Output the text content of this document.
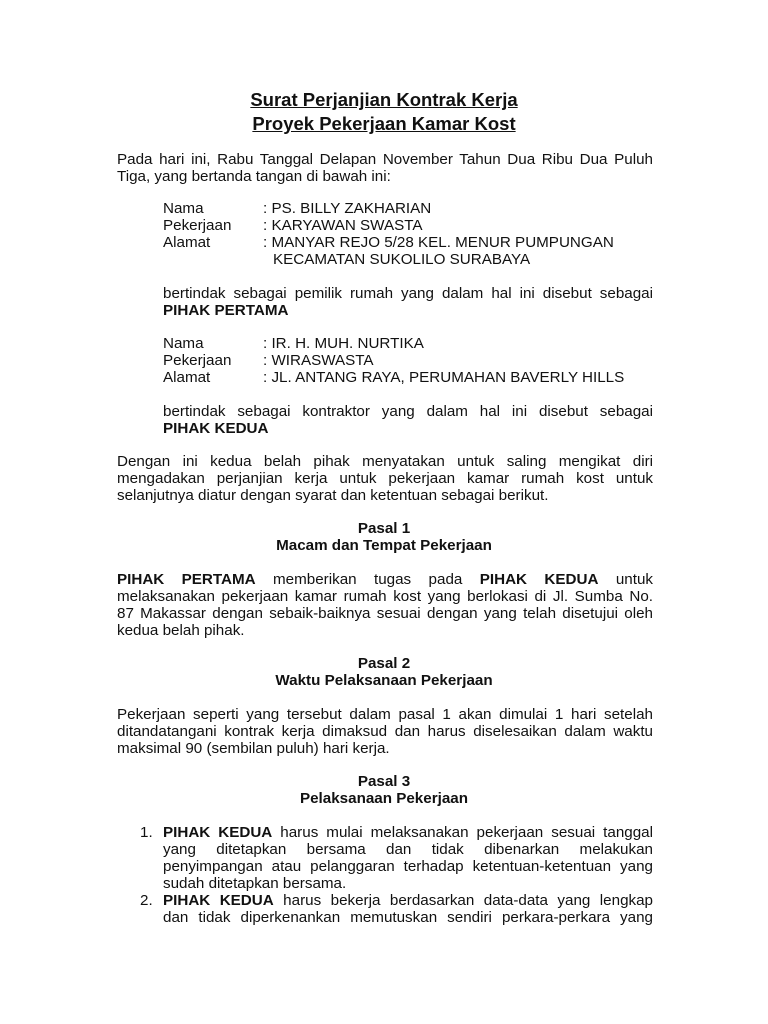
Surat Perjanjian Kontrak Kerja
Proyek Pekerjaan Kamar Kost
Pada hari ini, Rabu Tanggal Delapan November Tahun Dua Ribu Dua Puluh
Tiga, yang bertanda tangan di bawah ini:
Nama	: PS. BILLY ZAKHARIAN
Pekerjaan : KARYAWAN SWASTA
Alamat	: MANYAR REJO 5/28 KEL. MENUR PUMPUNGAN
KECAMATAN SUKOLILO SURABAYA
bertindak sebagai pemilik rumah yang dalam hal ini disebut sebagai
PIHAK PERTAMA
Nama	: IR. H. MUH. NURTIKA
Pekerjaan : WIRASWASTA
Alamat	: JL. ANTANG RAYA, PERUMAHAN BAVERLY HILLS
bertindak sebagai kontraktor yang dalam hal ini disebut sebagai
PIHAK KEDUA
Dengan ini kedua belah pihak menyatakan untuk saling mengikat diri
mengadakan perjanjian kerja untuk pekerjaan kamar rumah kost untuk
selanjutnya diatur dengan syarat dan ketentuan sebagai berikut.
Pasal 1
Macam dan Tempat Pekerjaan
PIHAK PERTAMA memberikan tugas pada PIHAK KEDUA untuk
melaksanakan pekerjaan kamar rumah kost yang berlokasi di Jl. Sumba No.
87 Makassar dengan sebaik-baiknya sesuai dengan yang telah disetujui oleh
kedua belah pihak.
Pasal 2
Waktu Pelaksanaan Pekerjaan
Pekerjaan seperti yang tersebut dalam pasal 1 akan dimulai 1 hari setelah
ditandatangani kontrak kerja dimaksud dan harus diselesaikan dalam waktu
maksimal 90 (sembilan puluh) hari kerja.
Pasal 3
Pelaksanaan Pekerjaan
1. PIHAK KEDUA harus mulai melaksanakan pekerjaan sesuai tanggal
yang ditetapkan bersama dan tidak dibenarkan melakukan
penyimpangan atau pelanggaran terhadap ketentuan-ketentuan yang
sudah ditetapkan bersama.
2. PIHAK KEDUA harus bekerja berdasarkan data-data yang lengkap
dan tidak diperkenankan memutuskan sendiri perkara-perkara yang
